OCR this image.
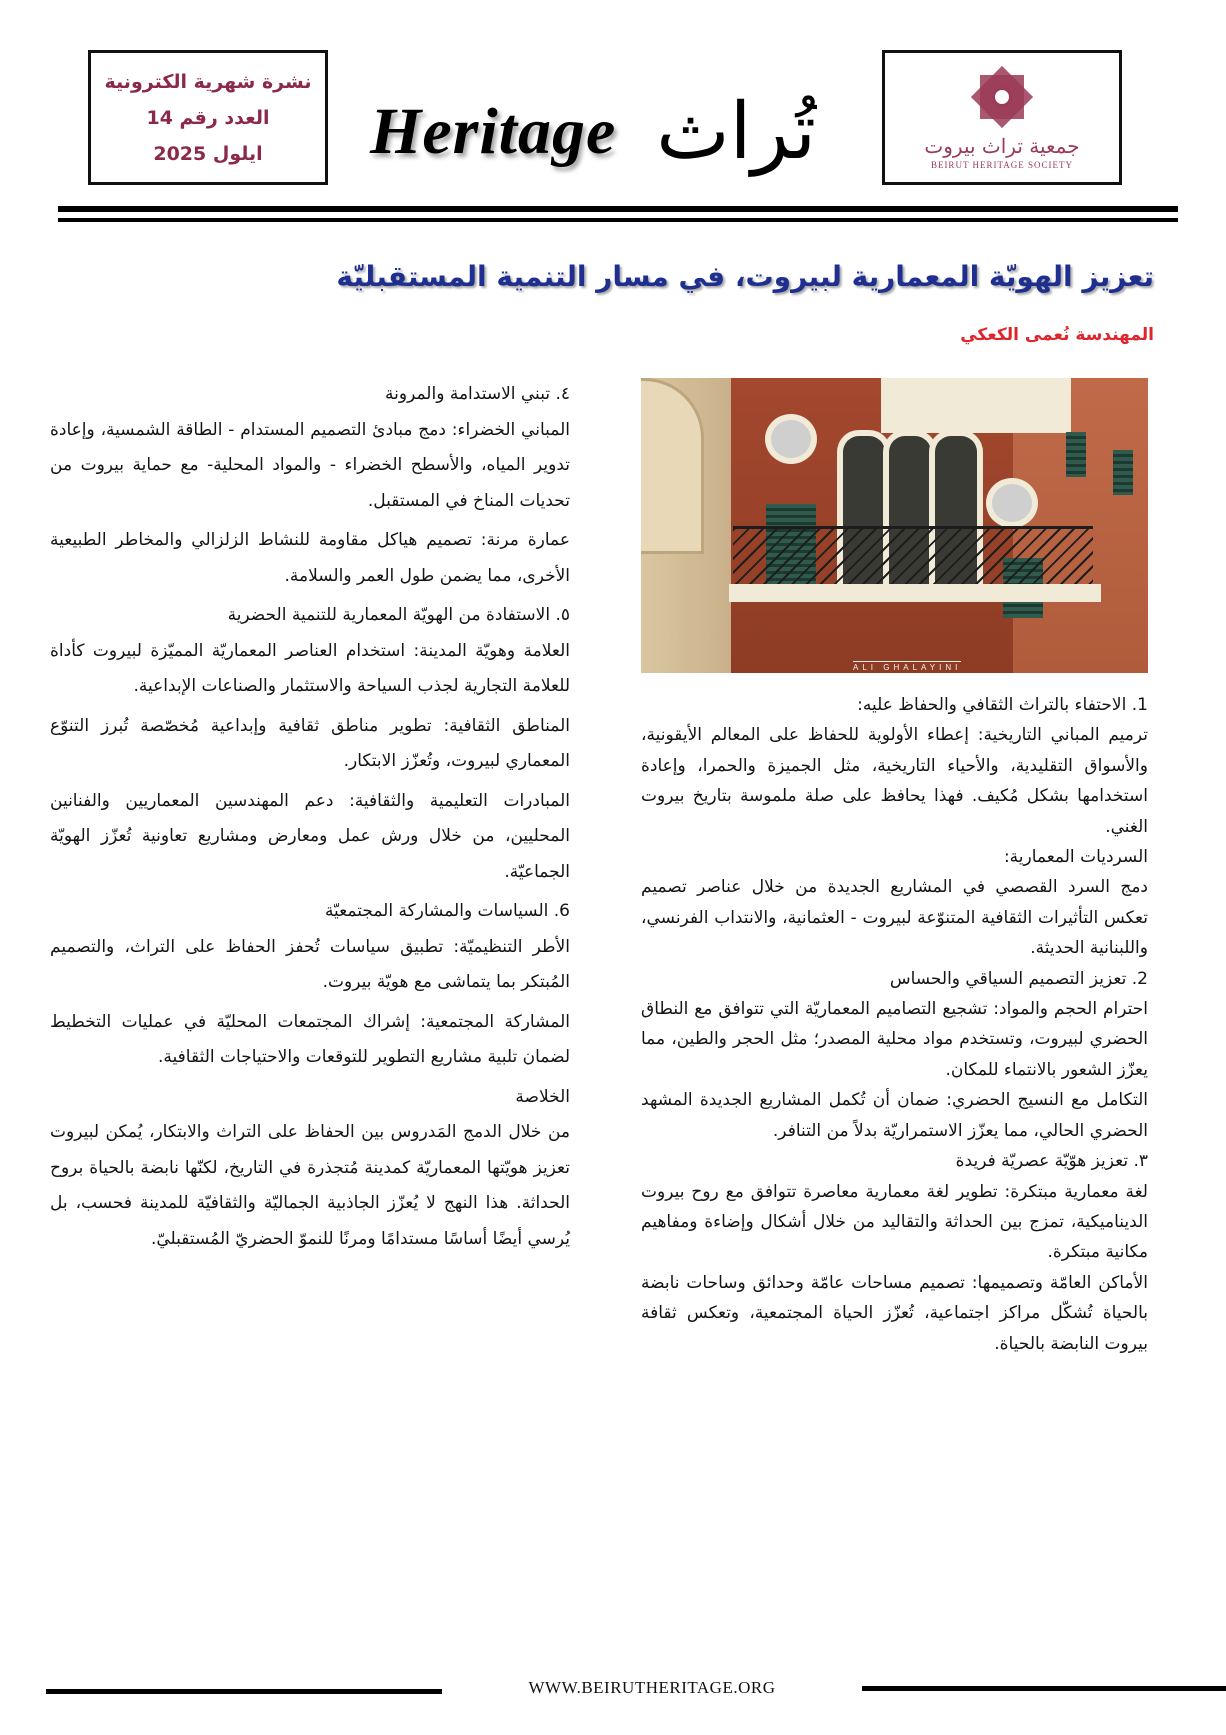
نشرة شهرية الكترونية
العدد رقم 14
ايلول 2025 Heritage تُراث	جمعية تراث بيروت
BEIRUT HERITAGE SOCIETY
تعزيز الهويّة المعمارية لبيروت، في مسار التنمية المستقبليّة
المهندسة نُعمى الكعكي
ALI GHALAYINI

1. الاحتفاء بالتراث الثقافي والحفاظ عليه:

ترميم المباني التاريخية: إعطاء الأولوية للحفاظ على المعالم الأيقونية، والأسواق التقليدية، والأحياء التاريخية، مثل الجميزة والحمرا، وإعادة استخدامها بشكل مُكيف. فهذا يحافظ على صلة ملموسة بتاريخ بيروت الغني.

السرديات المعمارية:

دمج السرد القصصي في المشاريع الجديدة من خلال عناصر تصميم تعكس التأثيرات الثقافية المتنوّعة لبيروت - العثمانية، والانتداب الفرنسي، واللبنانية الحديثة.

2. تعزيز التصميم السياقي والحساس

احترام الحجم والمواد: تشجيع التصاميم المعماريّة التي تتوافق مع النطاق الحضري لبيروت، وتستخدم مواد محلية المصدر؛ مثل الحجر والطين، مما يعزّز الشعور بالانتماء للمكان.

التكامل مع النسيج الحضري: ضمان أن تُكمل المشاريع الجديدة المشهد الحضري الحالي، مما يعزّز الاستمراريّة بدلاً من التنافر.

٣. تعزيز هوّيّة عصريّة فريدة

لغة معمارية مبتكرة: تطوير لغة معمارية معاصرة تتوافق مع روح بيروت الديناميكية، تمزج بين الحداثة والتقاليد من خلال أشكال وإضاءة ومفاهيم مكانية مبتكرة.

الأماكن العامّة وتصميمها: تصميم مساحات عامّة وحدائق وساحات نابضة بالحياة تُشكّل مراكز اجتماعية، تُعزّز الحياة المجتمعية، وتعكس ثقافة بيروت النابضة بالحياة.

٤. تبني الاستدامة والمرونة

المباني الخضراء: دمج مبادئ التصميم المستدام - الطاقة الشمسية، وإعادة تدوير المياه، والأسطح الخضراء - والمواد المحلية- مع حماية بيروت من تحديات المناخ في المستقبل.

عمارة مرنة: تصميم هياكل مقاومة للنشاط الزلزالي والمخاطر الطبيعية الأخرى، مما يضمن طول العمر والسلامة.

٥. الاستفادة من الهويّة المعمارية للتنمية الحضرية

العلامة وهويّة المدينة: استخدام العناصر المعماريّة المميّزة لبيروت كأداة للعلامة التجارية لجذب السياحة والاستثمار والصناعات الإبداعية.

المناطق الثقافية: تطوير مناطق ثقافية وإبداعية مُخصّصة تُبرز التنوّع المعماري لبيروت، وتُعزّز الابتكار.

المبادرات التعليمية والثقافية: دعم المهندسين المعماريين والفنانين المحليين، من خلال ورش عمل ومعارض ومشاريع تعاونية تُعزّز الهويّة الجماعيّة.

6. السياسات والمشاركة المجتمعيّة

الأطر التنظيميّة: تطبيق سياسات تُحفز الحفاظ على التراث، والتصميم المُبتكر بما يتماشى مع هويّة بيروت.

المشاركة المجتمعية: إشراك المجتمعات المحليّة في عمليات التخطيط لضمان تلبية مشاريع التطوير للتوقعات والاحتياجات الثقافية.

الخلاصة

من خلال الدمج المَدروس بين الحفاظ على التراث والابتكار، يُمكن لبيروت تعزيز هويّتها المعماريّة كمدينة مُتجذرة في التاريخ، لكنّها نابضة بالحياة بروح الحداثة. هذا النهج لا يُعزّز الجاذبية الجماليّة والثقافيّة للمدينة فحسب، بل يُرسي أيضًا أساسًا مستدامًا ومرنًا للنموّ الحضريّ المُستقبليّ.

WWW.BEIRUTHERITAGE.ORG
